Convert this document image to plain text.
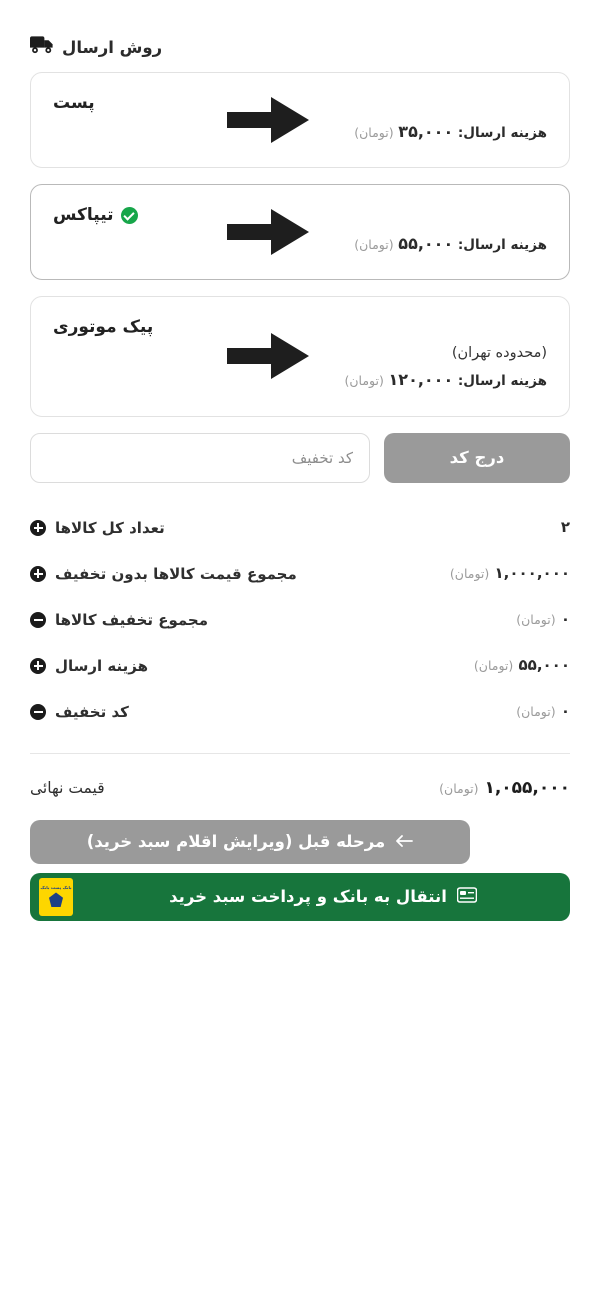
روش ارسال
پست
هزینه ارسال: ۳۵,۰۰۰ (تومان)
تیپاکس
هزینه ارسال: ۵۵,۰۰۰ (تومان)
پیک موتوری
(محدوده تهران)
هزینه ارسال: ۱۲۰,۰۰۰ (تومان)
کد تخفیف
درج کد
تعداد کل کالاها	۲
مجموع قیمت کالاها بدون تخفیف	۱,۰۰۰,۰۰۰ (تومان)
مجموع تخفیف کالاها	۰ (تومان)
هزینه ارسال	۵۵,۰۰۰ (تومان)
کد تخفیف	۰ (تومان)
قیمت نهائی	۱,۰۵۵,۰۰۰ (تومان)
مرحله قبل (ویرایش اقلام سبد خرید)
انتقال به بانک و پرداخت سبد خرید
بانک پست بانک
